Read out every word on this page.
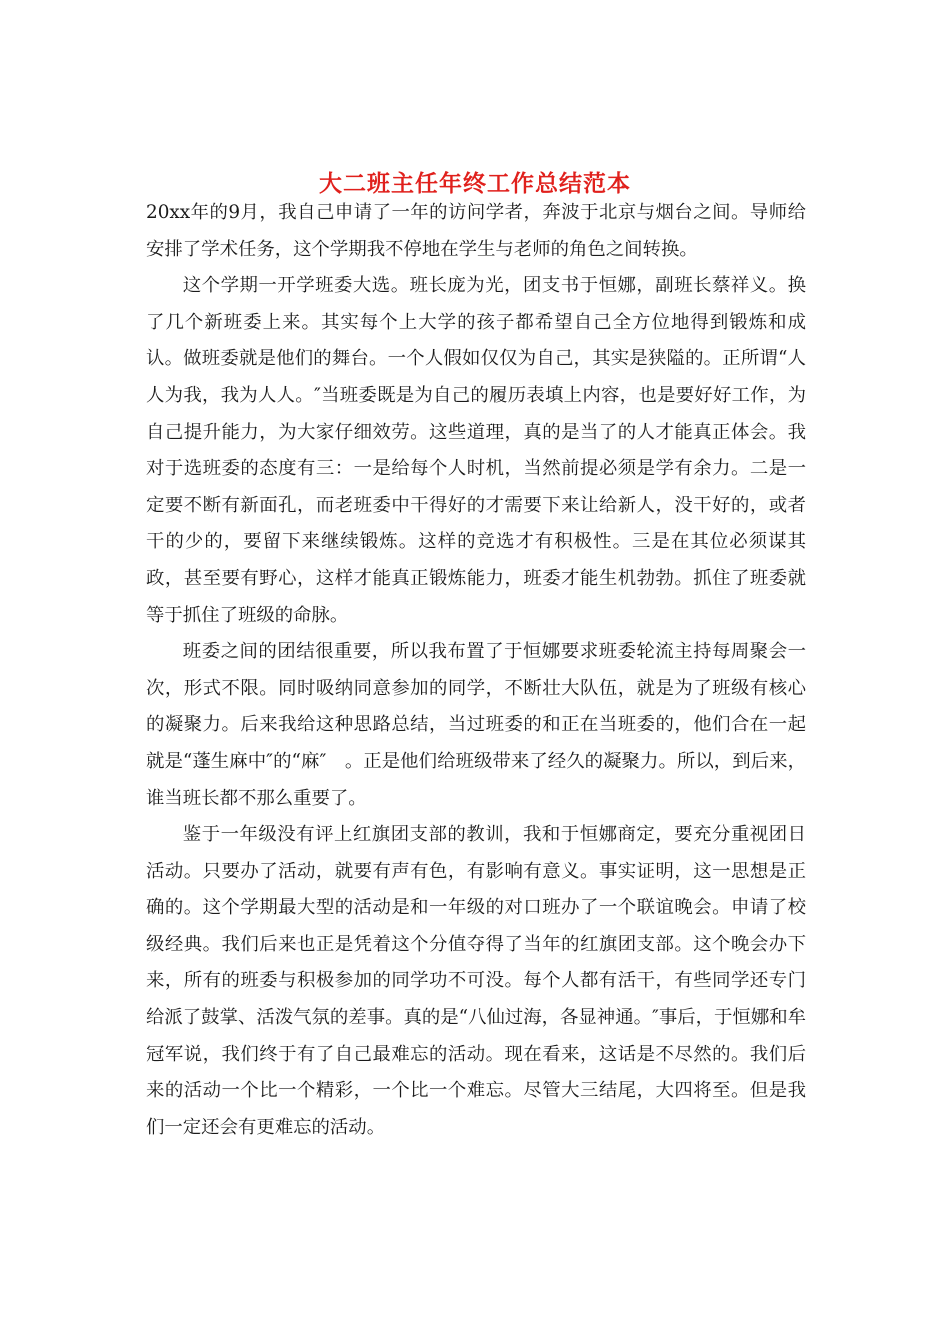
大二班主任年终工作总结范本

20xx年的9月，我自己申请了一年的访问学者，奔波于北京与烟台之间。导师给安排了学术任务，这个学期我不停地在学生与老师的角色之间转换。

这个学期一开学班委大选。班长庞为光，团支书于恒娜，副班长蔡祥义。换了几个新班委上来。其实每个上大学的孩子都希望自己全方位地得到锻炼和成认。做班委就是他们的舞台。一个人假如仅仅为自己，其实是狭隘的。正所谓“人人为我，我为人人。″当班委既是为自己的履历表填上内容，也是要好好工作，为自己提升能力，为大家仔细效劳。这些道理，真的是当了的人才能真正体会。我对于选班委的态度有三：一是给每个人时机，当然前提必须是学有余力。二是一定要不断有新面孔，而老班委中干得好的才需要下来让给新人，没干好的，或者干的少的，要留下来继续锻炼。这样的竞选才有积极性。三是在其位必须谋其政，甚至要有野心，这样才能真正锻炼能力，班委才能生机勃勃。抓住了班委就等于抓住了班级的命脉。

班委之间的团结很重要，所以我布置了于恒娜要求班委轮流主持每周聚会一次，形式不限。同时吸纳同意参加的同学，不断壮大队伍，就是为了班级有核心的凝聚力。后来我给这种思路总结，当过班委的和正在当班委的，他们合在一起就是“蓬生麻中″的“麻″　。正是他们给班级带来了经久的凝聚力。所以，到后来，谁当班长都不那么重要了。

鉴于一年级没有评上红旗团支部的教训，我和于恒娜商定，要充分重视团日活动。只要办了活动，就要有声有色，有影响有意义。事实证明，这一思想是正确的。这个学期最大型的活动是和一年级的对口班办了一个联谊晚会。申请了校级经典。我们后来也正是凭着这个分值夺得了当年的红旗团支部。这个晚会办下来，所有的班委与积极参加的同学功不可没。每个人都有活干，有些同学还专门给派了鼓掌、活泼气氛的差事。真的是“八仙过海，各显神通。″事后，于恒娜和牟冠军说，我们终于有了自己最难忘的活动。现在看来，这话是不尽然的。我们后来的活动一个比一个精彩，一个比一个难忘。尽管大三结尾，大四将至。但是我们一定还会有更难忘的活动。
